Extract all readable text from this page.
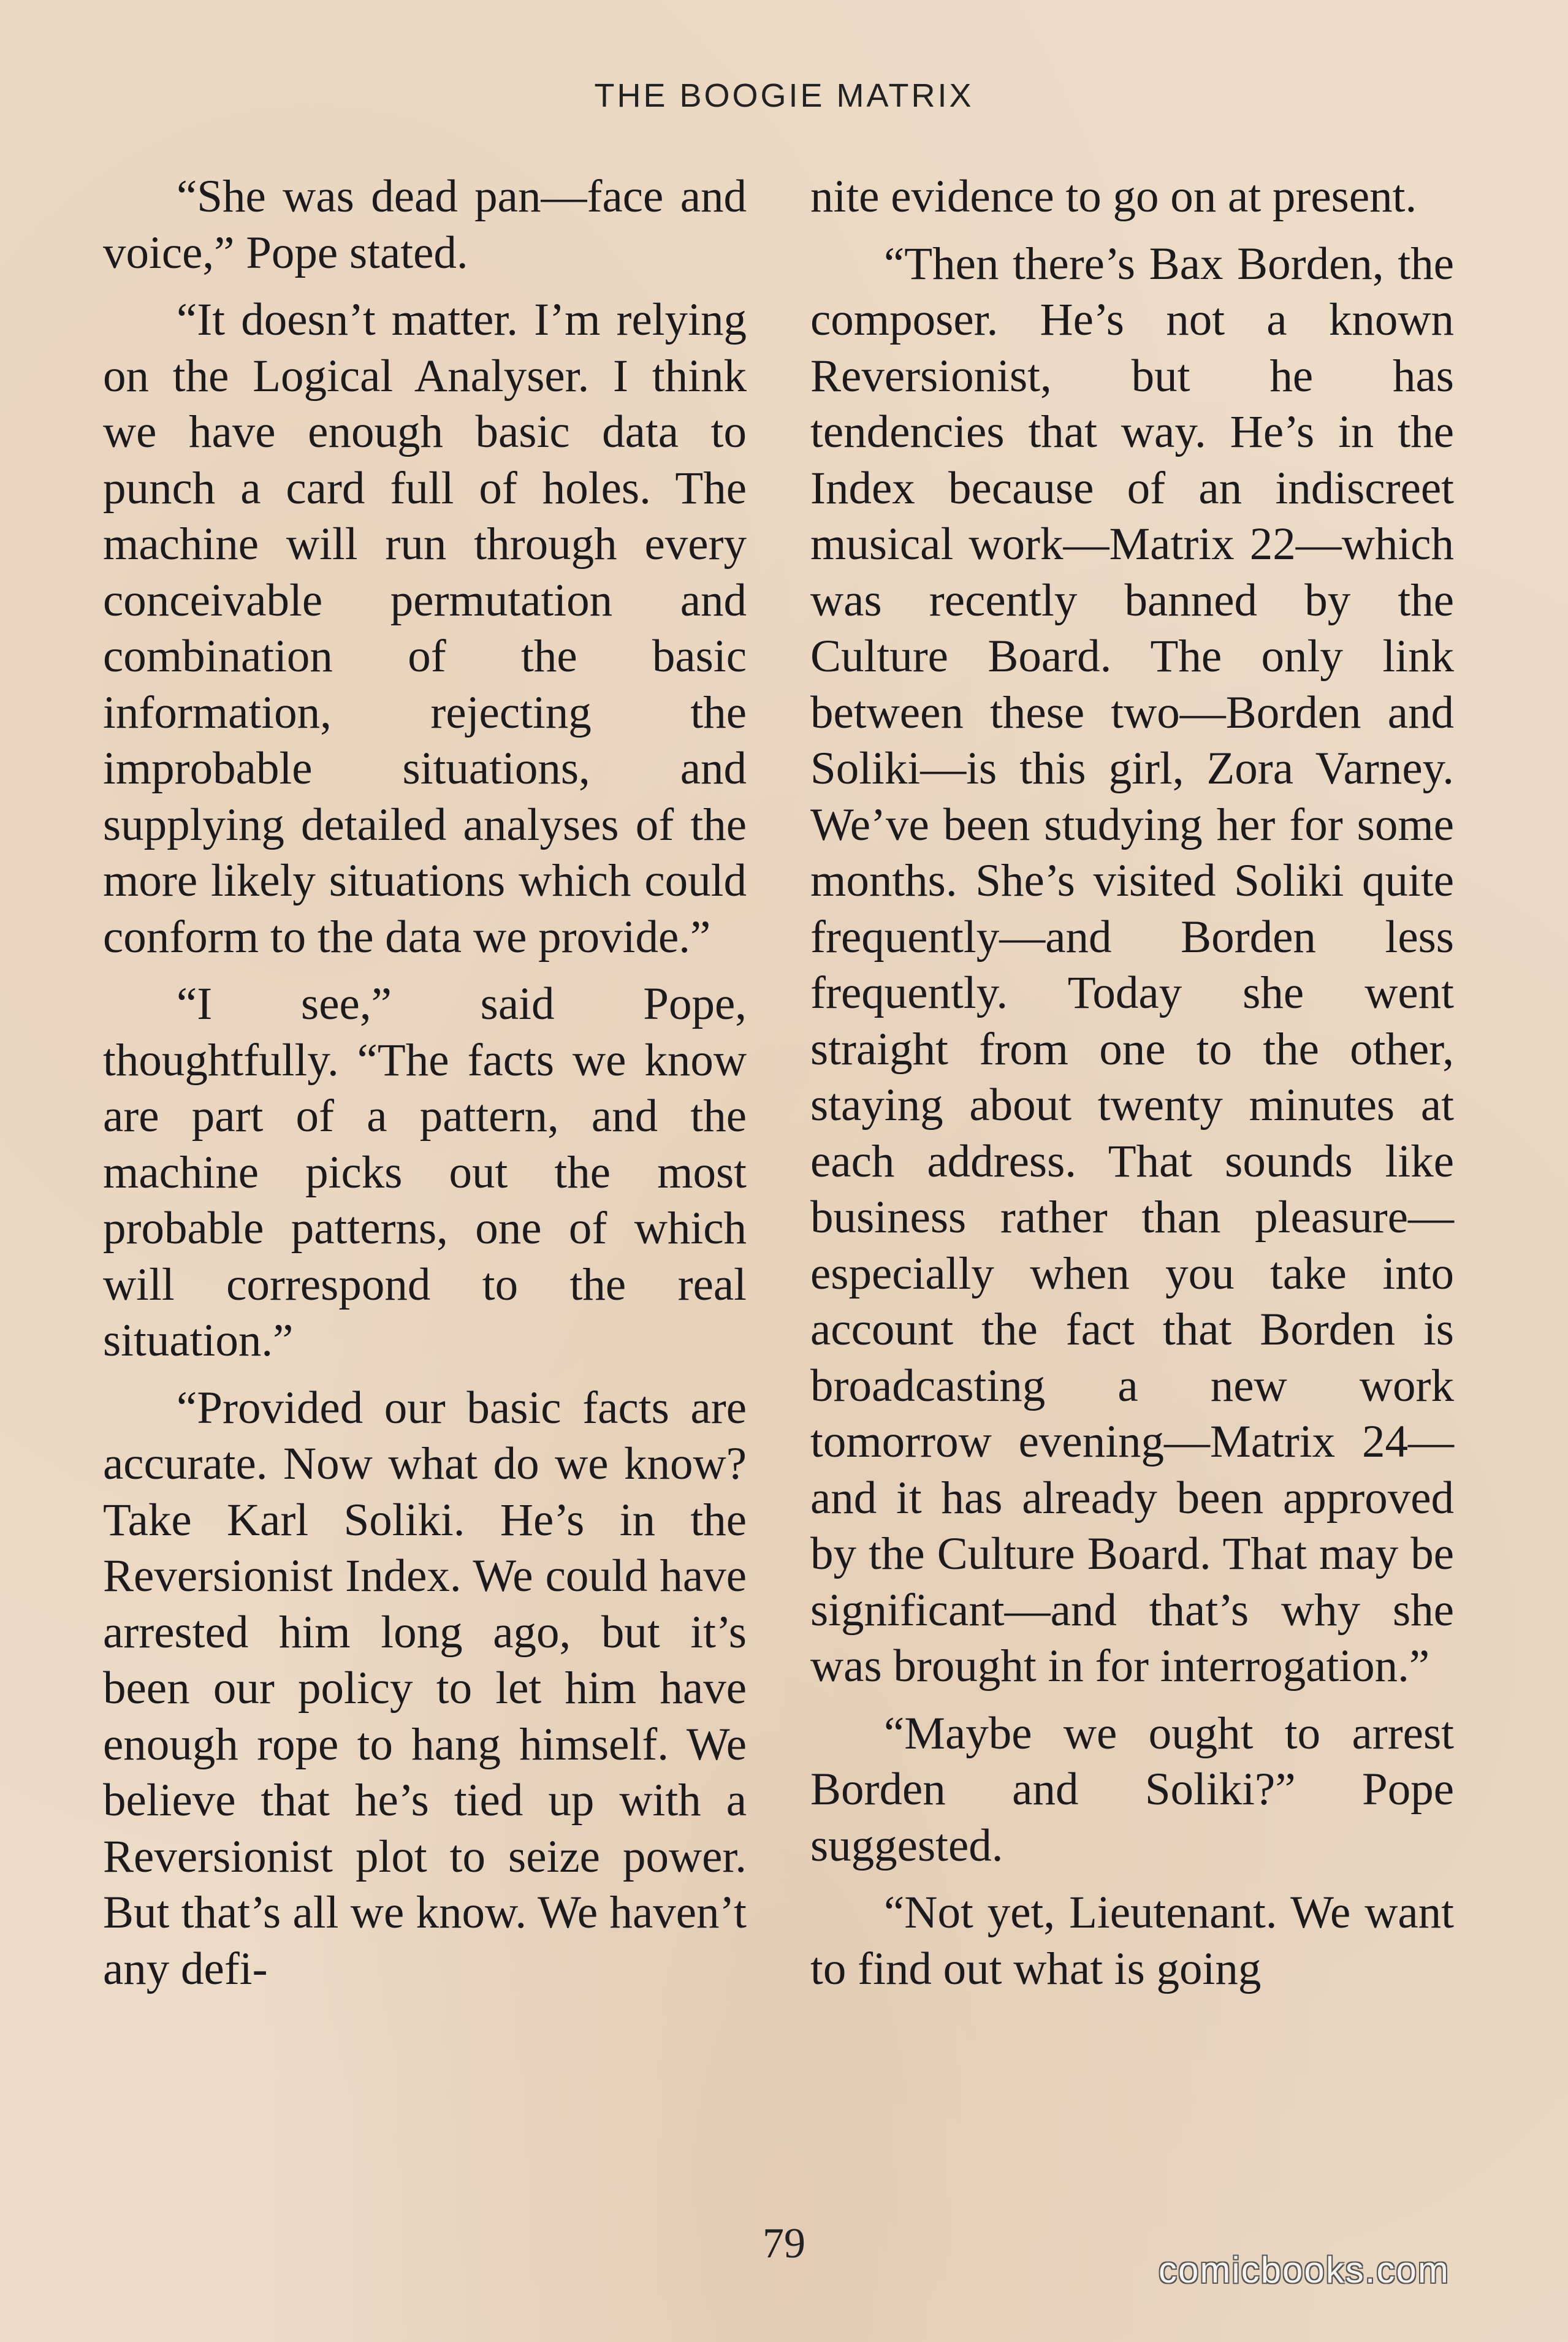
THE BOOGIE MATRIX

“She was dead pan—face and voice,” Pope stated.

“It doesn’t matter. I’m relying on the Logical Analyser. I think we have enough basic data to punch a card full of holes. The machine will run through every conceivable permutation and combination of the basic information, rejecting the improbable situations, and supplying detailed analyses of the more likely situations which could conform to the data we provide.”

“I see,” said Pope, thoughtfully. “The facts we know are part of a pattern, and the machine picks out the most probable patterns, one of which will correspond to the real situation.”

“Provided our basic facts are accurate. Now what do we know? Take Karl Soliki. He’s in the Reversionist Index. We could have arrested him long ago, but it’s been our policy to let him have enough rope to hang himself. We believe that he’s tied up with a Reversionist plot to seize power. But that’s all we know. We haven’t any defi-

nite evidence to go on at present.

“Then there’s Bax Borden, the composer. He’s not a known Reversionist, but he has tendencies that way. He’s in the Index because of an indiscreet musical work—Matrix 22—which was recently banned by the Culture Board. The only link between these two—Borden and Soliki—is this girl, Zora Varney. We’ve been studying her for some months. She’s visited Soliki quite frequently—and Borden less frequently. Today she went straight from one to the other, staying about twenty minutes at each address. That sounds like business rather than pleasure—especially when you take into account the fact that Borden is broadcasting a new work tomorrow evening—Matrix 24—and it has already been approved by the Culture Board. That may be significant—and that’s why she was brought in for interrogation.”

“Maybe we ought to arrest Borden and Soliki?” Pope suggested.

“Not yet, Lieutenant. We want to find out what is going

79
comicbooks.com
